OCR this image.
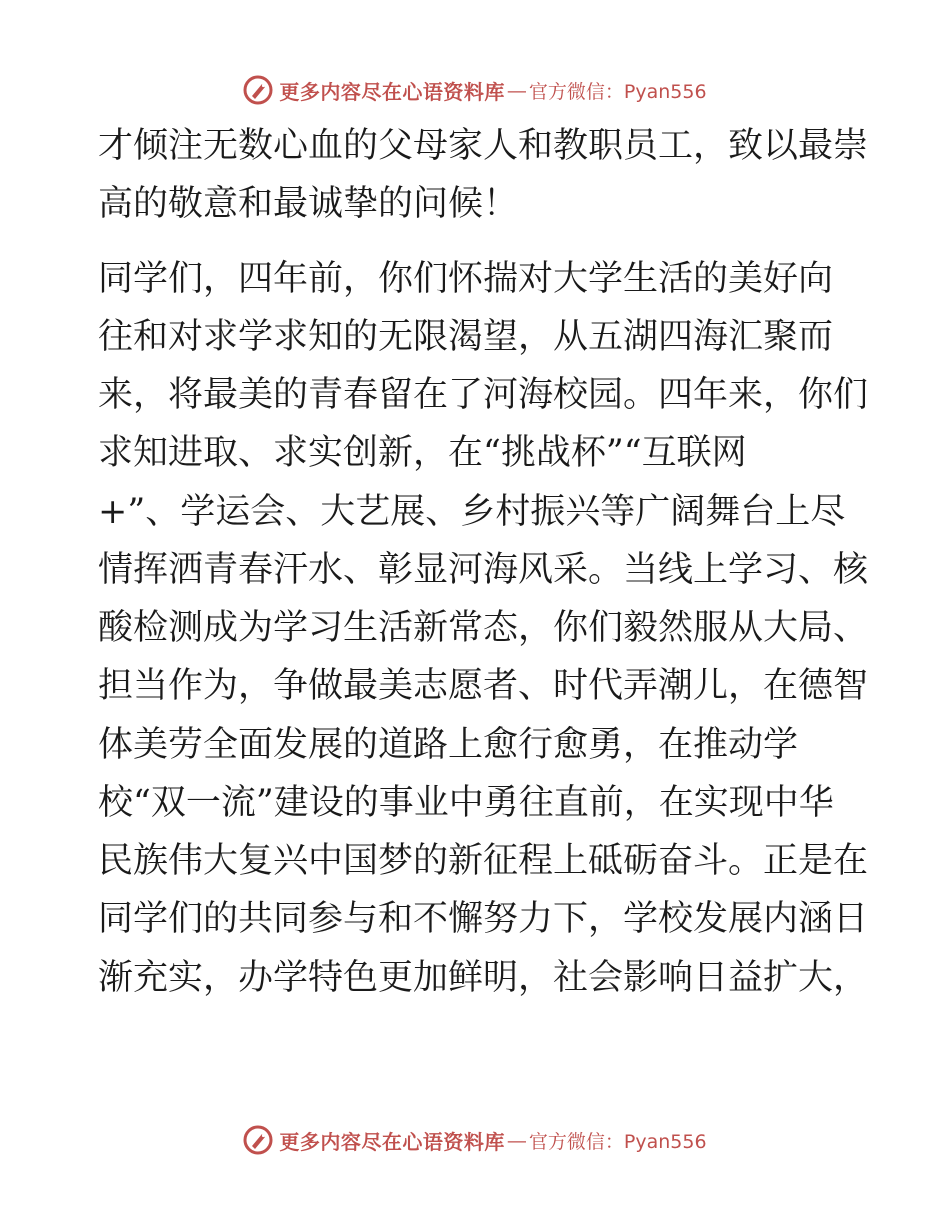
更多内容尽在心语资料库 — 官方微信：Pyan556
才倾注无数心血的父母家人和教职员工，致以最崇
高的敬意和最诚挚的问候！
同学们，四年前，你们怀揣对大学生活的美好向
往和对求学求知的无限渴望，从五湖四海汇聚而
来，将最美的青春留在了河海校园。四年来，你们
求知进取、求实创新，在“挑战杯”“互联网
+”、学运会、大艺展、乡村振兴等广阔舞台上尽
情挥洒青春汗水、彰显河海风采。当线上学习、核
酸检测成为学习生活新常态，你们毅然服从大局、
担当作为，争做最美志愿者、时代弄潮儿，在德智
体美劳全面发展的道路上愈行愈勇，在推动学
校“双一流”建设的事业中勇往直前，在实现中华
民族伟大复兴中国梦的新征程上砥砺奋斗。正是在
同学们的共同参与和不懈努力下，学校发展内涵日
渐充实，办学特色更加鲜明，社会影响日益扩大，
更多内容尽在心语资料库 — 官方微信：Pyan556
